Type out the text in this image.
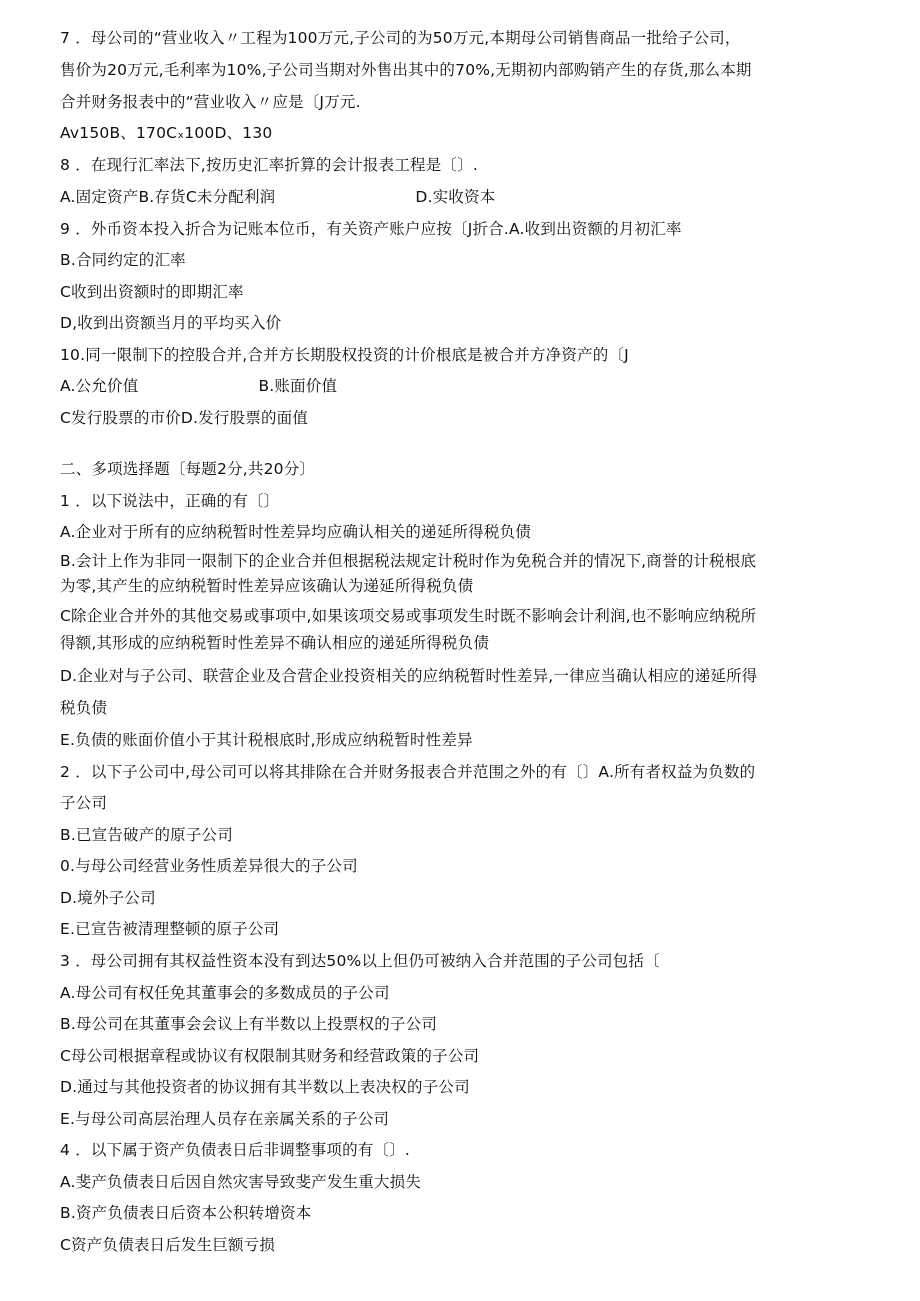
7 ．母公司的“营业收入〃工程为100万元,子公司的为50万元,本期母公司销售商品一批给子公司，
售价为20万元,毛利率为10%,子公司当期对外售出其中的70%,无期初内部购销产生的存货,那么本期
合并财务报表中的“营业收入〃应是〔J万元.
Av150B、170Cₓ100D、130
8 ．在现行汇率法下,按历史汇率折算的会计报表工程是〔〕.
A.固定资产B.存货C未分配利润	D.实收资本
9 ．外币资本投入折合为记账本位币，有关资产账户应按〔J折合.A.收到出资额的月初汇率
B.合同约定的汇率
C收到出资额时的即期汇率
D,收到出资额当月的平均买入价
10.同一限制下的控股合并,合并方长期股权投资的计价根底是被合并方净资产的〔J
A.公允价值	B.账面价值
C发行股票的市价D.发行股票的面值
二、多项选择题〔每题2分,共20分〕
1 ．以下说法中，正确的有〔〕
A.企业对于所有的应纳税暂时性差异均应确认相关的递延所得税负债
B.会计上作为非同一限制下的企业合并但根据税法规定计税时作为免税合并的情况下,商誉的计税根底
为零,其产生的应纳税暂时性差异应该确认为递延所得税负债
C除企业合并外的其他交易或事项中,如果该项交易或事项发生时既不影响会计利润,也不影响应纳税所
得额,其形成的应纳税暂时性差异不确认相应的递延所得税负债
D.企业对与子公司、联营企业及合营企业投资相关的应纳税暂时性差异,一律应当确认相应的递延所得
税负债
E.负债的账面价值小于其计税根底时,形成应纳税暂时性差异
2 ．以下子公司中,母公司可以将其排除在合并财务报表合并范围之外的有〔〕A.所有者权益为负数的
子公司
B.已宣告破产的原子公司
0.与母公司经营业务性质差异很大的子公司
D.境外子公司
E.已宣告被清理整顿的原子公司
3 ．母公司拥有其权益性资本没有到达50%以上但仍可被纳入合并范围的子公司包括〔
A.母公司有权任免其董事会的多数成员的子公司
B.母公司在其董事会会议上有半数以上投票权的子公司
C母公司根据章程或协议有权限制其财务和经营政策的子公司
D.通过与其他投资者的协议拥有其半数以上表决权的子公司
E.与母公司高层治理人员存在亲属关系的子公司
4 ．以下属于资产负债表日后非调整事项的有〔〕.
A.斐产负债表日后因自然灾害导致斐产发生重大损失
B.资产负债表日后资本公积转增资本
C资产负债表日后发生巨额亏损
